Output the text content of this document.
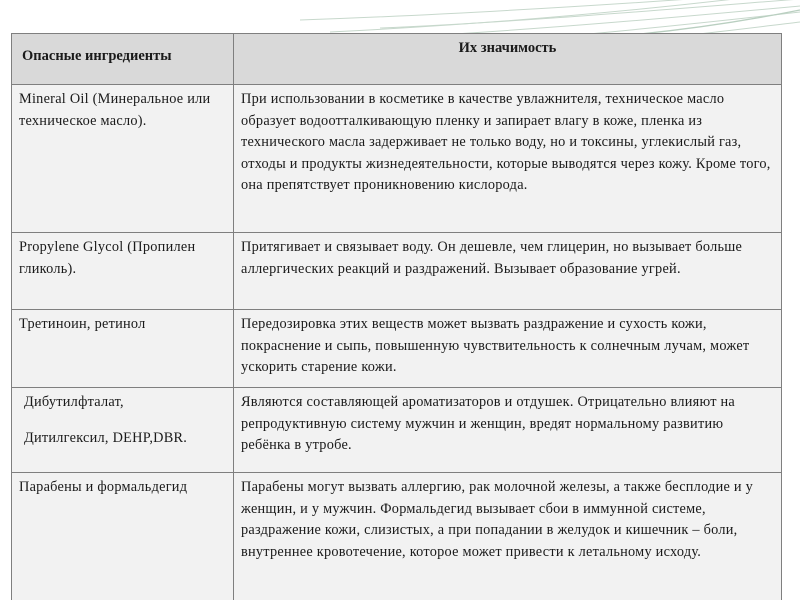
Опасные ингредиенты	Их значимость
Mineral Oil (Минеральное или техническое масло).	При использовании в косметике в качестве увлажнителя, техническое масло образует водоотталкивающую пленку и запирает влагу в коже, пленка из технического масла задерживает не только воду, но и токсины, углекислый газ, отходы и продукты жизнедеятельности, которые выводятся через кожу. Кроме того, она препятствует проникновению кислорода.
Propylene Glycol (Пропилен гликоль).	Притягивает и связывает воду. Он дешевле, чем глицерин, но вызывает больше аллергических реакций и раздражений. Вызывает образование угрей.
Третиноин, ретинол	Передозировка этих веществ может вызвать раздражение и сухость кожи, покраснение и сыпь, повышенную чувствительность к солнечным лучам, может ускорить старение кожи.

Дибутилфталат,
Дитилгексил, DEHP,DBR.	Являются составляющей ароматизаторов и отдушек. Отрицательно влияют на репродуктивную систему мужчин и женщин, вредят нормальному развитию ребёнка в утробе.
Парабены и формальдегид	Парабены могут вызвать аллергию, рак молочной железы, а также бесплодие и у женщин, и у мужчин. Формальдегид вызывает сбои в иммунной системе, раздражение кожи, слизистых, а при попадании в желудок и кишечник – боли, внутреннее кровотечение, которое может привести к летальному исходу.
